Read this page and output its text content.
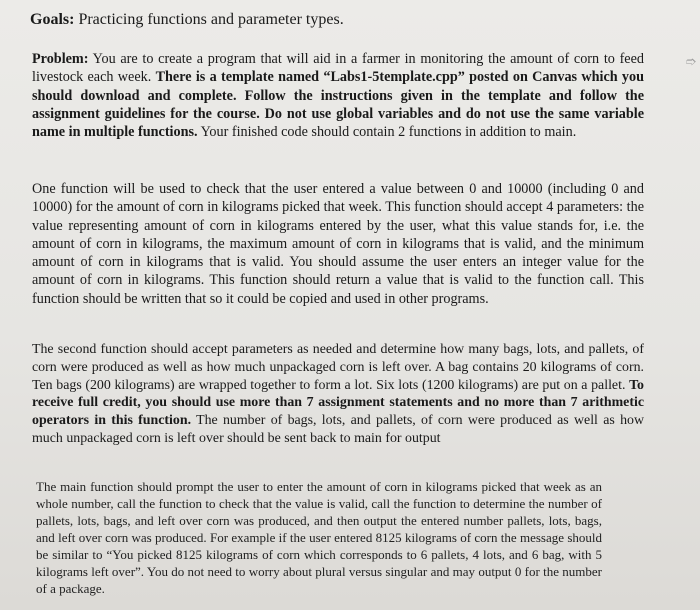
Goals: Practicing functions and parameter types.
Problem: You are to create a program that will aid in a farmer in monitoring the amount of corn to feed livestock each week. There is a template named “Labs1-5template.cpp” posted on Canvas which you should download and complete. Follow the instructions given in the template and follow the assignment guidelines for the course. Do not use global variables and do not use the same variable name in multiple functions. Your finished code should contain 2 functions in addition to main.
One function will be used to check that the user entered a value between 0 and 10000 (including 0 and 10000) for the amount of corn in kilograms picked that week. This function should accept 4 parameters: the value representing amount of corn in kilograms entered by the user, what this value stands for, i.e. the amount of corn in kilograms, the maximum amount of corn in kilograms that is valid, and the minimum amount of corn in kilograms that is valid. You should assume the user enters an integer value for the amount of corn in kilograms. This function should return a value that is valid to the function call. This function should be written that so it could be copied and used in other programs.
The second function should accept parameters as needed and determine how many bags, lots, and pallets, of corn were produced as well as how much unpackaged corn is left over. A bag contains 20 kilograms of corn. Ten bags (200 kilograms) are wrapped together to form a lot. Six lots (1200 kilograms) are put on a pallet. To receive full credit, you should use more than 7 assignment statements and no more than 7 arithmetic operators in this function. The number of bags, lots, and pallets, of corn were produced as well as how much unpackaged corn is left over should be sent back to main for output
The main function should prompt the user to enter the amount of corn in kilograms picked that week as an whole number, call the function to check that the value is valid, call the function to determine the number of pallets, lots, bags, and left over corn was produced, and then output the entered number pallets, lots, bags, and left over corn was produced. For example if the user entered 8125 kilograms of corn the message should be similar to “You picked 8125 kilograms of corn which corresponds to 6 pallets, 4 lots, and 6 bag, with 5 kilograms left over”. You do not need to worry about plural versus singular and may output 0 for the number of a package.
🢣
